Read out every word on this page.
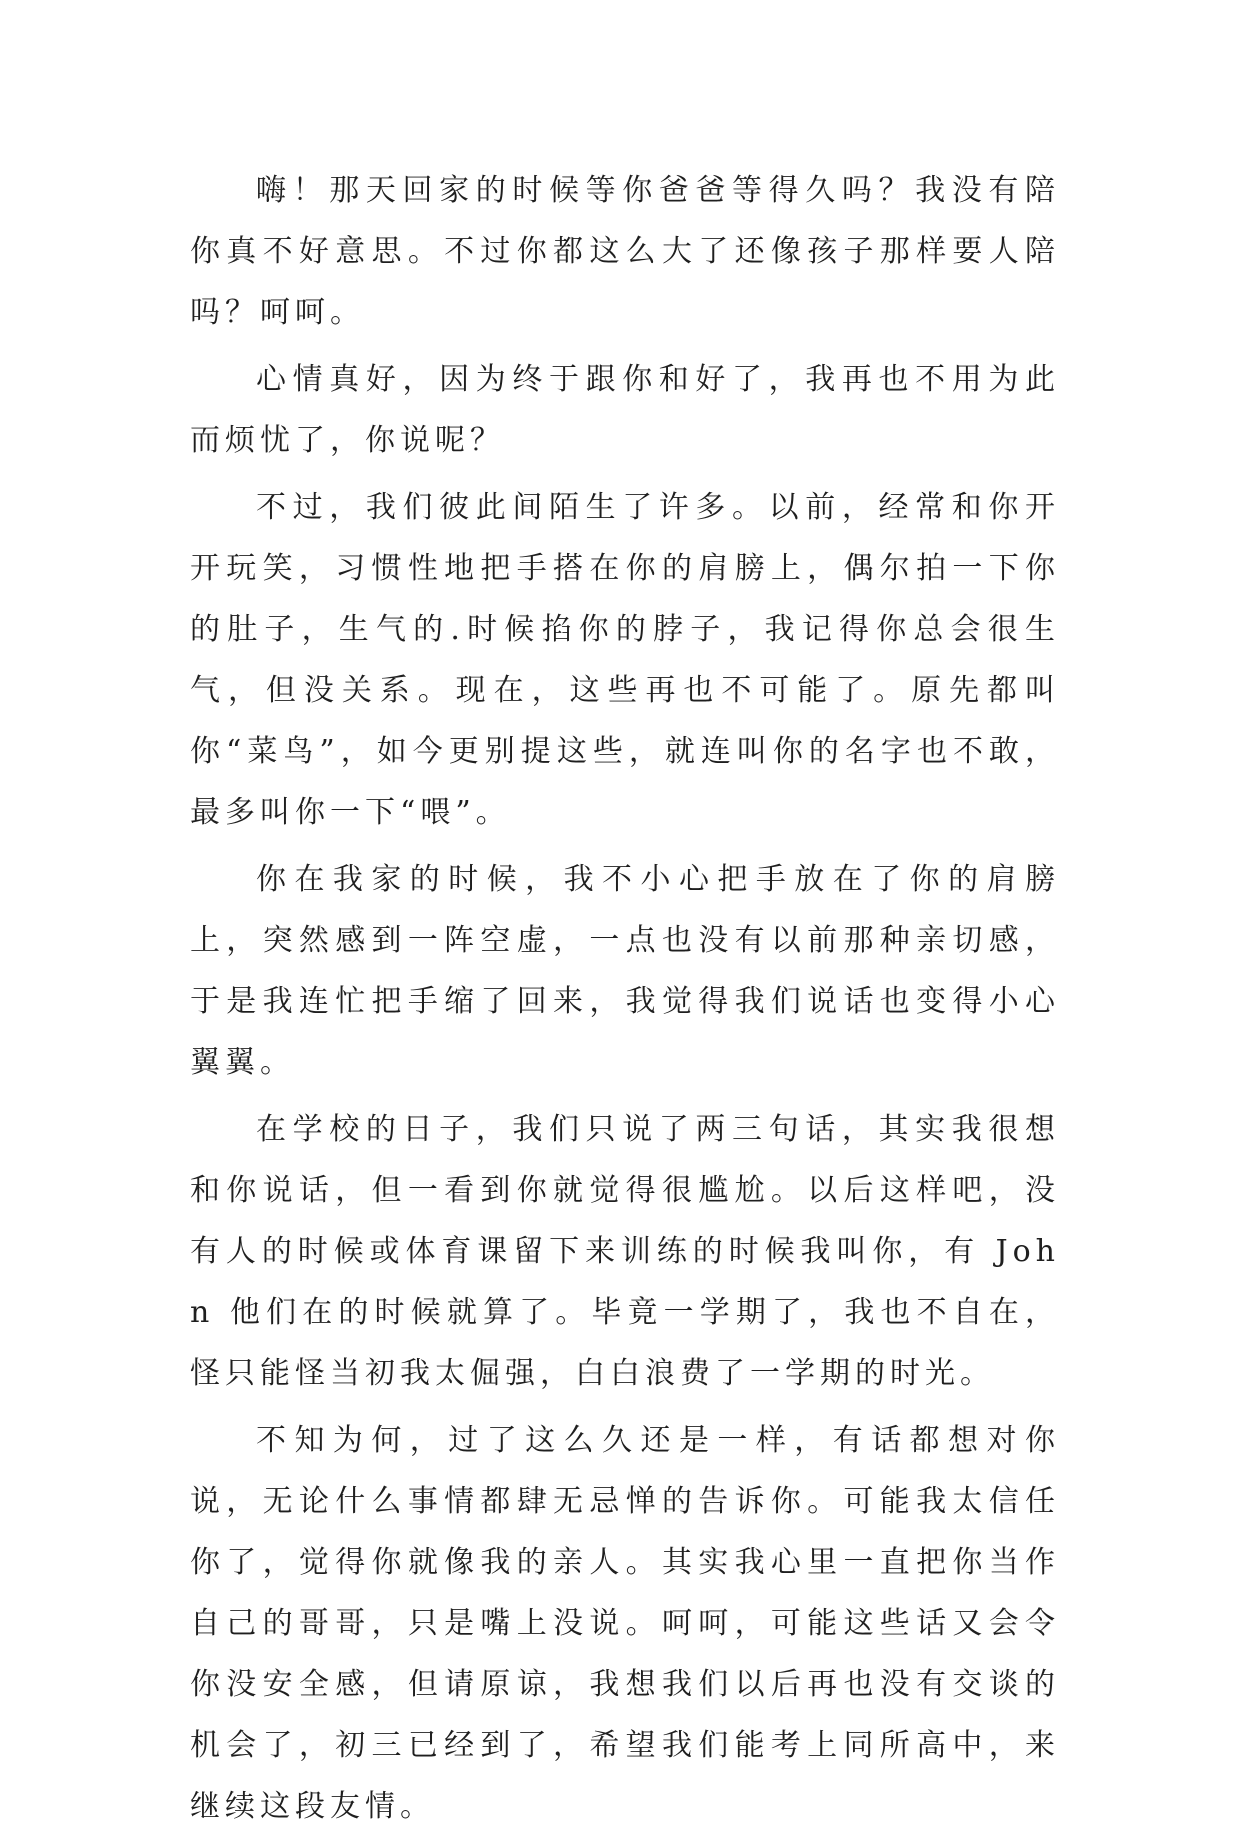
嗨！那天回家的时候等你爸爸等得久吗？我没有陪你真不好意思。不过你都这么大了还像孩子那样要人陪吗？呵呵。

心情真好，因为终于跟你和好了，我再也不用为此而烦忧了，你说呢？

不过，我们彼此间陌生了许多。以前，经常和你开开玩笑，习惯性地把手搭在你的肩膀上，偶尔拍一下你的肚子，生气的.时候掐你的脖子，我记得你总会很生气，但没关系。现在，这些再也不可能了。原先都叫你“菜鸟”，如今更别提这些，就连叫你的名字也不敢，最多叫你一下“喂”。

你在我家的时候，我不小心把手放在了你的肩膀上，突然感到一阵空虚，一点也没有以前那种亲切感，于是我连忙把手缩了回来，我觉得我们说话也变得小心翼翼。

在学校的日子，我们只说了两三句话，其实我很想和你说话，但一看到你就觉得很尴尬。以后这样吧，没有人的时候或体育课留下来训练的时候我叫你，有 John 他们在的时候就算了。毕竟一学期了，我也不自在，怪只能怪当初我太倔强，白白浪费了一学期的时光。

不知为何，过了这么久还是一样，有话都想对你说，无论什么事情都肆无忌惮的告诉你。可能我太信任你了，觉得你就像我的亲人。其实我心里一直把你当作自己的哥哥，只是嘴上没说。呵呵，可能这些话又会令你没安全感，但请原谅，我想我们以后再也没有交谈的机会了，初三已经到了，希望我们能考上同所高中，来继续这段友情。
